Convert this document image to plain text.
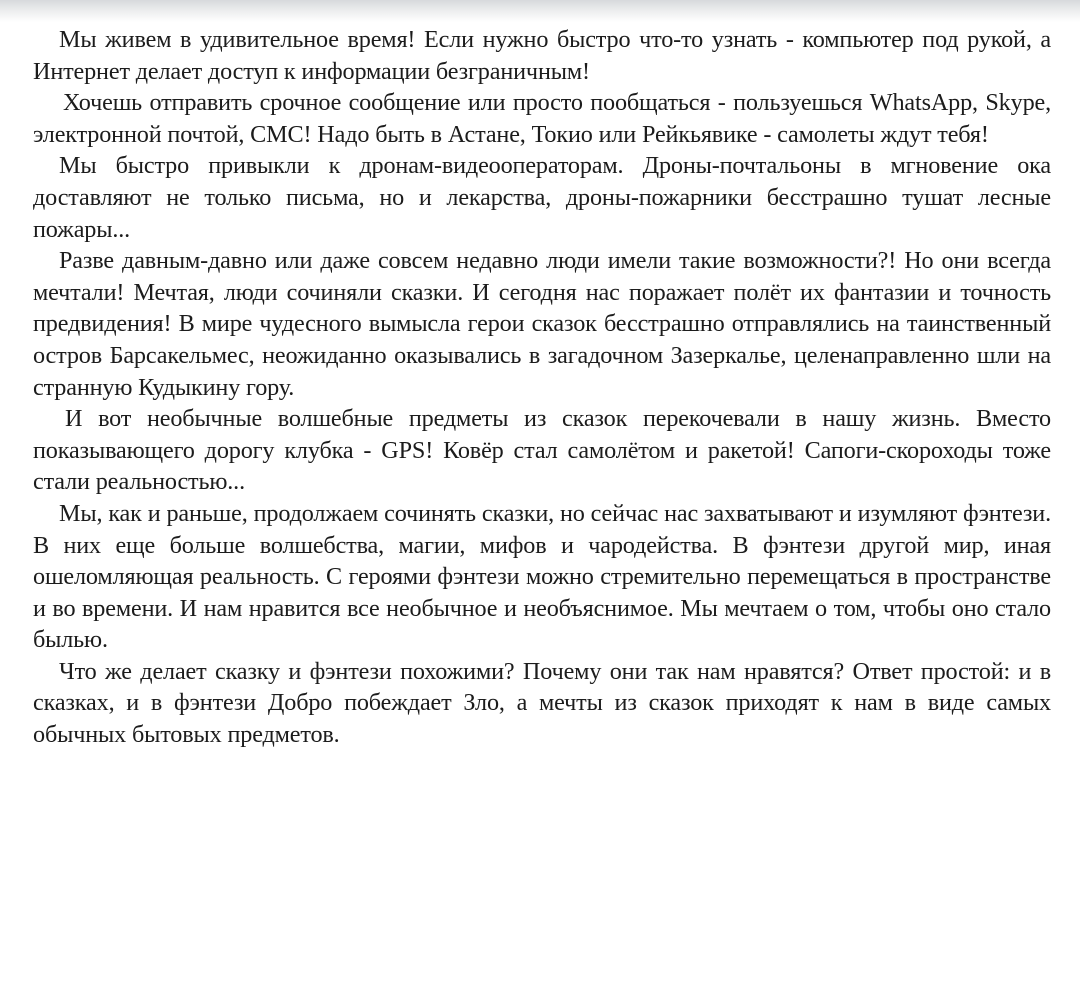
Мы живем в удивительное время! Если нужно быстро что-то узнать - компьютер под рукой, а Интернет делает доступ к информации безграничным!

Хочешь отправить срочное сообщение или просто пообщаться - пользуешься WhatsApp, Skype, электронной почтой, СМС! Надо быть в Астане, Токио или Рейкьявике - самолеты ждут тебя!

Мы быстро привыкли к дронам-видеооператорам. Дроны-почтальоны в мгновение ока доставляют не только письма, но и лекарства, дроны-пожарники бесстрашно тушат лесные пожары...

Разве давным-давно или даже совсем недавно люди имели такие возможности?! Но они всегда мечтали! Мечтая, люди сочиняли сказки. И сегодня нас поражает полёт их фантазии и точность предвидения! В мире чудесного вымысла герои сказок бесстрашно отправлялись на таинственный остров Барсакельмес, неожиданно оказывались в загадочном Зазеркалье, целенаправленно шли на странную Кудыкину гору.

И вот необычные волшебные предметы из сказок перекочевали в нашу жизнь. Вместо показывающего дорогу клубка - GPS! Ковёр стал самолётом и ракетой! Сапоги-скороходы тоже стали реальностью...

Мы, как и раньше, продолжаем сочинять сказки, но сейчас нас захватывают и изумляют фэнтези. В них еще больше волшебства, магии, мифов и чародейства. В фэнтези другой мир, иная ошеломляющая реальность. С героями фэнтези можно стремительно перемещаться в пространстве и во времени. И нам нравится все необычное и необъяснимое. Мы мечтаем о том, чтобы оно стало былью.

Что же делает сказку и фэнтези похожими? Почему они так нам нравятся? Ответ простой: и в сказках, и в фэнтези Добро побеждает Зло, а мечты из сказок приходят к нам в виде самых обычных бытовых предметов.
